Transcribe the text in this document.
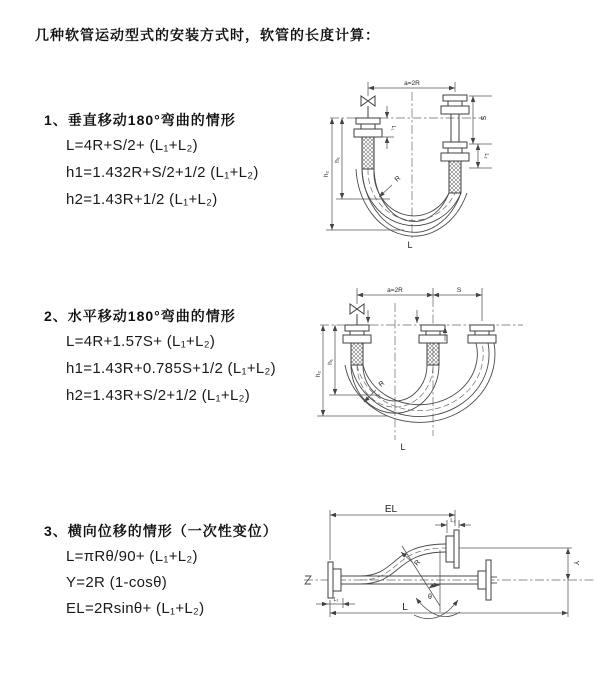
几种软管运动型式的安装方式时，软管的长度计算：
1、垂直移动180°弯曲的情形
L=4R+S/2+ (L₁+L₂)
h1=1.432R+S/2+1/2 (L₁+L₂)
h2=1.43R+1/2 (L₁+L₂)
a=2R
S
L₂
h₂
h₁
L₁
R
L
2、水平移动180°弯曲的情形
L=4R+1.57S+ (L₁+L₂)
h1=1.43R+0.785S+1/2 (L₁+L₂)
h2=1.43R+S/2+1/2 (L₁+L₂)
a=2R	S
h₂
h₁
R
L
3、横向位移的情形（一次性变位）
L=πRθ/90+ (L₁+L₂)
Y=2R (1-cosθ)
EL=2Rsinθ+ (L₁+L₂)
EL
L₂
Y
θ
R
L
L₁
